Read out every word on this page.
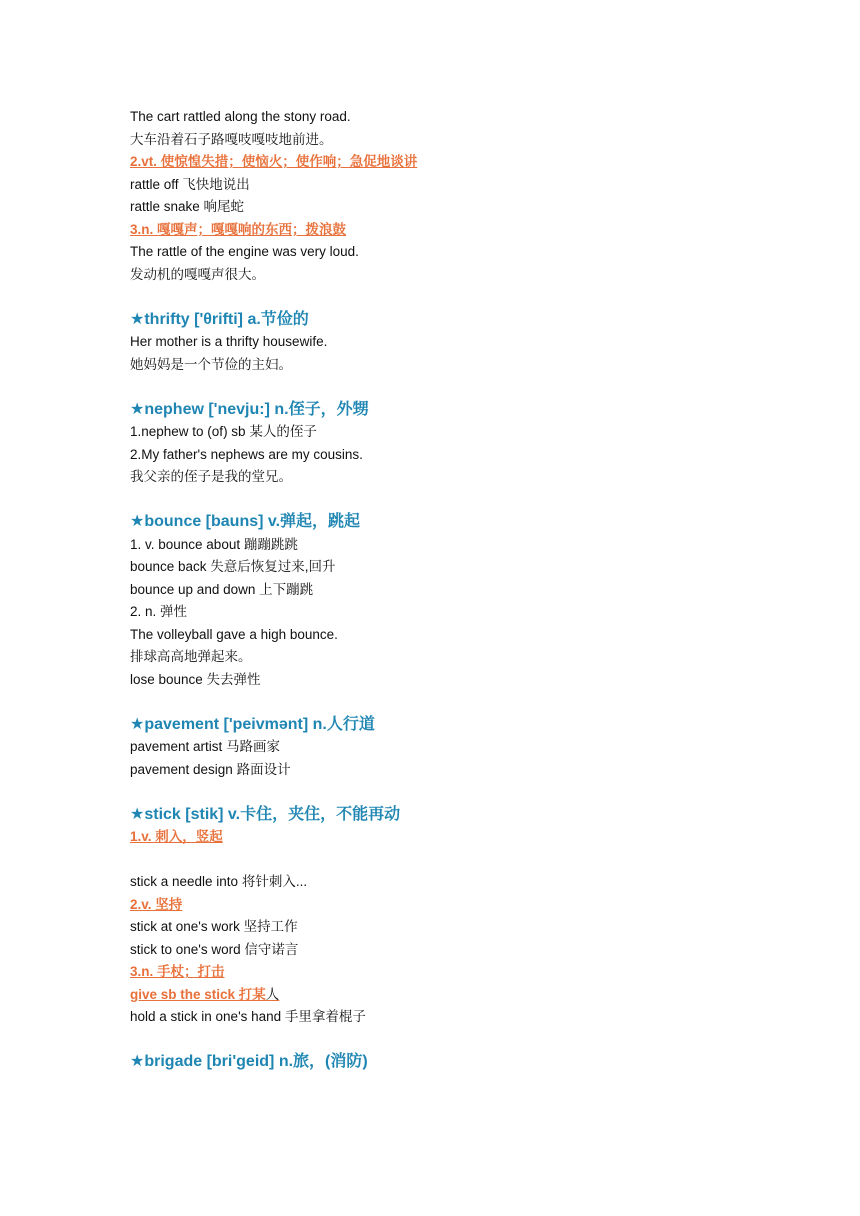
The cart rattled along the stony road.
大车沿着石子路嘎吱嘎吱地前进。
2.vt. 使惊惶失措；使恼火；使作响；急促地谈讲
rattle off 飞快地说出
rattle snake 响尾蛇
3.n. 嘎嘎声；嘎嘎响的东西；拨浪鼓
The rattle of the engine was very loud.
发动机的嘎嘎声很大。
★thrifty ['θrifti] a.节俭的
Her mother is a thrifty housewife.
她妈妈是一个节俭的主妇。
★nephew ['nevju:] n.侄子，外甥
1.nephew to (of) sb 某人的侄子
2.My father's nephews are my cousins.
我父亲的侄子是我的堂兄。
★bounce [bauns] v.弹起，跳起
1. v. bounce about 蹦蹦跳跳
bounce back 失意后恢复过来,回升
bounce up and down 上下蹦跳
2. n. 弹性
The volleyball gave a high bounce.
排球高高地弹起来。
lose bounce 失去弹性
★pavement ['peivmənt] n.人行道
pavement artist 马路画家
pavement design 路面设计
★stick [stik] v.卡住，夹住，不能再动
1.v. 刺入，竖起
stick a needle into 将针刺入...
2.v. 坚持
stick at one's work 坚持工作
stick to one's word 信守诺言
3.n. 手杖；打击
give sb the stick 打某人
hold a stick in one's hand 手里拿着棍子
★brigade [bri'geid] n.旅，(消防)
